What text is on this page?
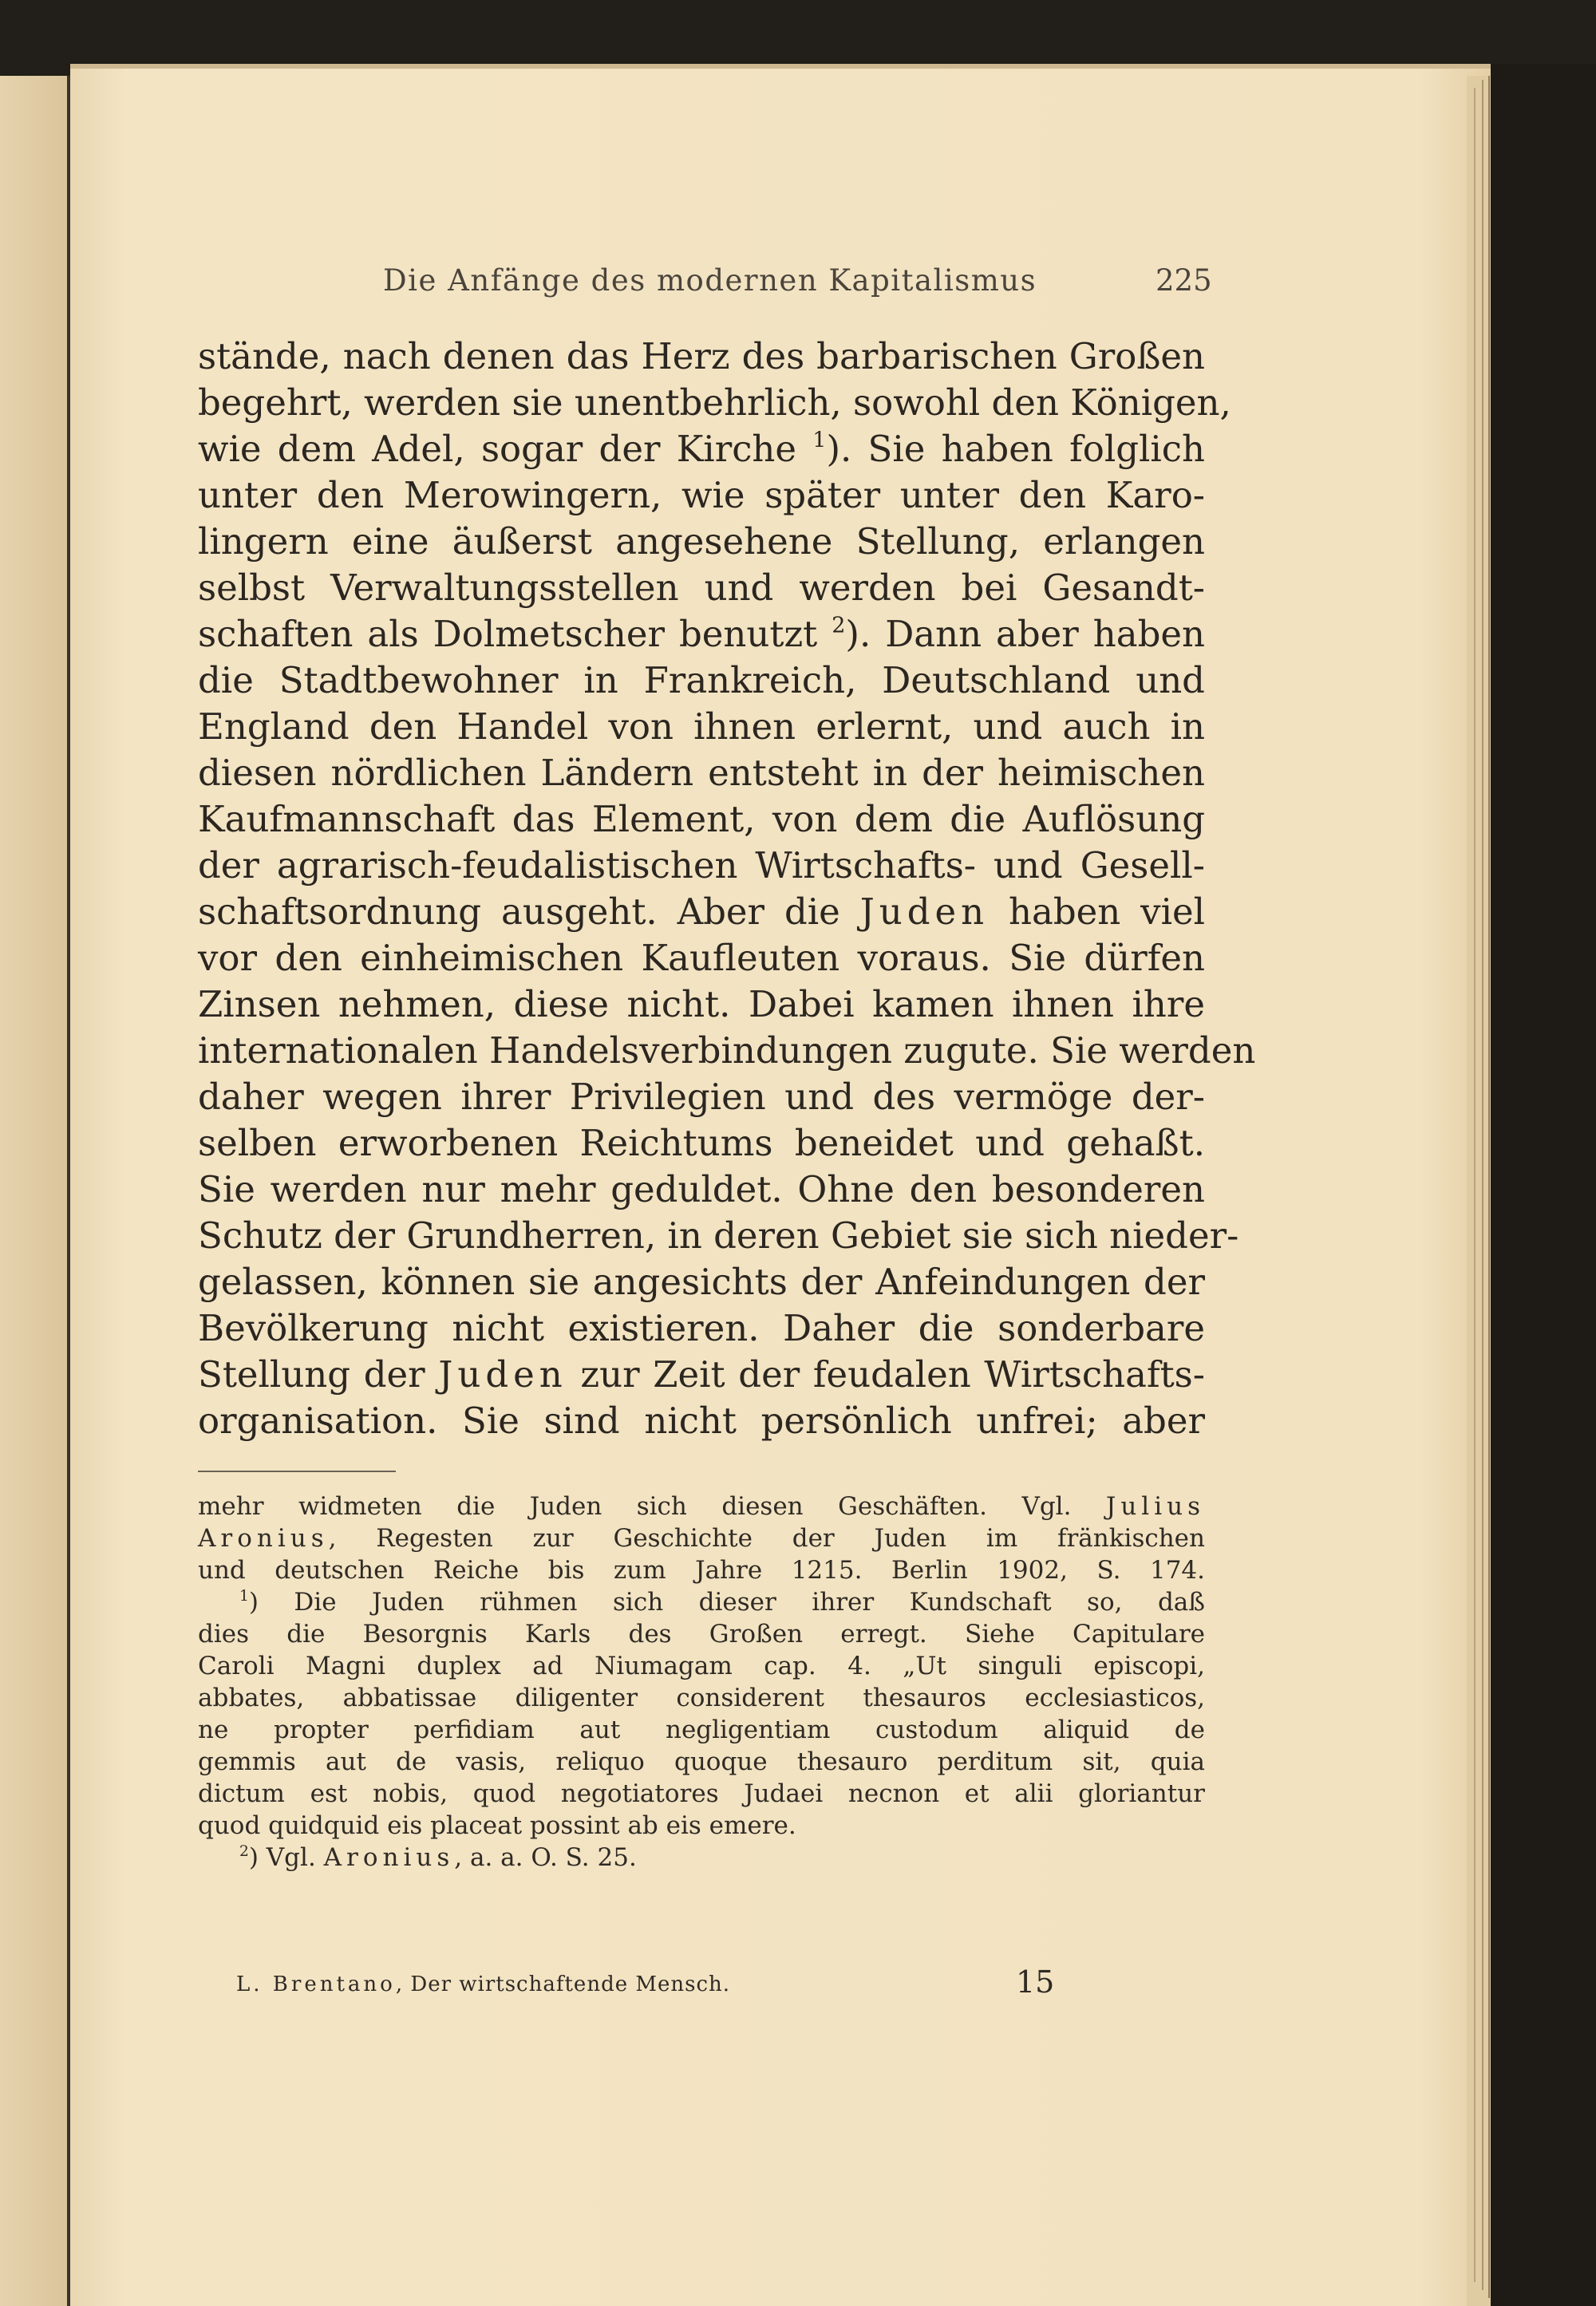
Die Anfänge des modernen Kapitalismus	225
stände, nach denen das Herz des barbarischen Großen
begehrt, werden sie unentbehrlich, sowohl den Königen,
wie dem Adel, sogar der Kirche $^1$). Sie haben folglich
unter den Merowingern, wie später unter den Karo-
lingern eine äußerst angesehene Stellung, erlangen
selbst Verwaltungsstellen und werden bei Gesandt-
schaften als Dolmetscher benutzt $^2$). Dann aber haben
die Stadtbewohner in Frankreich, Deutschland und
England den Handel von ihnen erlernt, und auch in
diesen nördlichen Ländern entsteht in der heimischen
Kaufmannschaft das Element, von dem die Auflösung
der agrarisch-feudalistischen Wirtschafts- und Gesell-
schaftsordnung ausgeht. Aber die Juden haben viel
vor den einheimischen Kaufleuten voraus. Sie dürfen
Zinsen nehmen, diese nicht. Dabei kamen ihnen ihre
internationalen Handelsverbindungen zugute. Sie werden
daher wegen ihrer Privilegien und des vermöge der-
selben erworbenen Reichtums beneidet und gehaßt.
Sie werden nur mehr geduldet. Ohne den besonderen
Schutz der Grundherren, in deren Gebiet sie sich nieder-
gelassen, können sie angesichts der Anfeindungen der
Bevölkerung nicht existieren. Daher die sonderbare
Stellung der Juden zur Zeit der feudalen Wirtschafts-
organisation. Sie sind nicht persönlich unfrei; aber
mehr widmeten die Juden sich diesen Geschäften. Vgl. Julius
Aronius, Regesten zur Geschichte der Juden im fränkischen
und deutschen Reiche bis zum Jahre 1215. Berlin 1902, S. 174.
$^1$) Die Juden rühmen sich dieser ihrer Kundschaft so, daß
dies die Besorgnis Karls des Großen erregt. Siehe Capitulare
Caroli Magni duplex ad Niumagam cap. 4. „Ut singuli episcopi,
abbates, abbatissae diligenter considerent thesauros ecclesiasticos,
ne propter perfidiam aut negligentiam custodum aliquid de
gemmis aut de vasis, reliquo quoque thesauro perditum sit, quia
dictum est nobis, quod negotiatores Judaei necnon et alii gloriantur
quod quidquid eis placeat possint ab eis emere.
$^2$) Vgl. Aronius, a. a. O. S. 25.
L. Brentano, Der wirtschaftende Mensch.	15
